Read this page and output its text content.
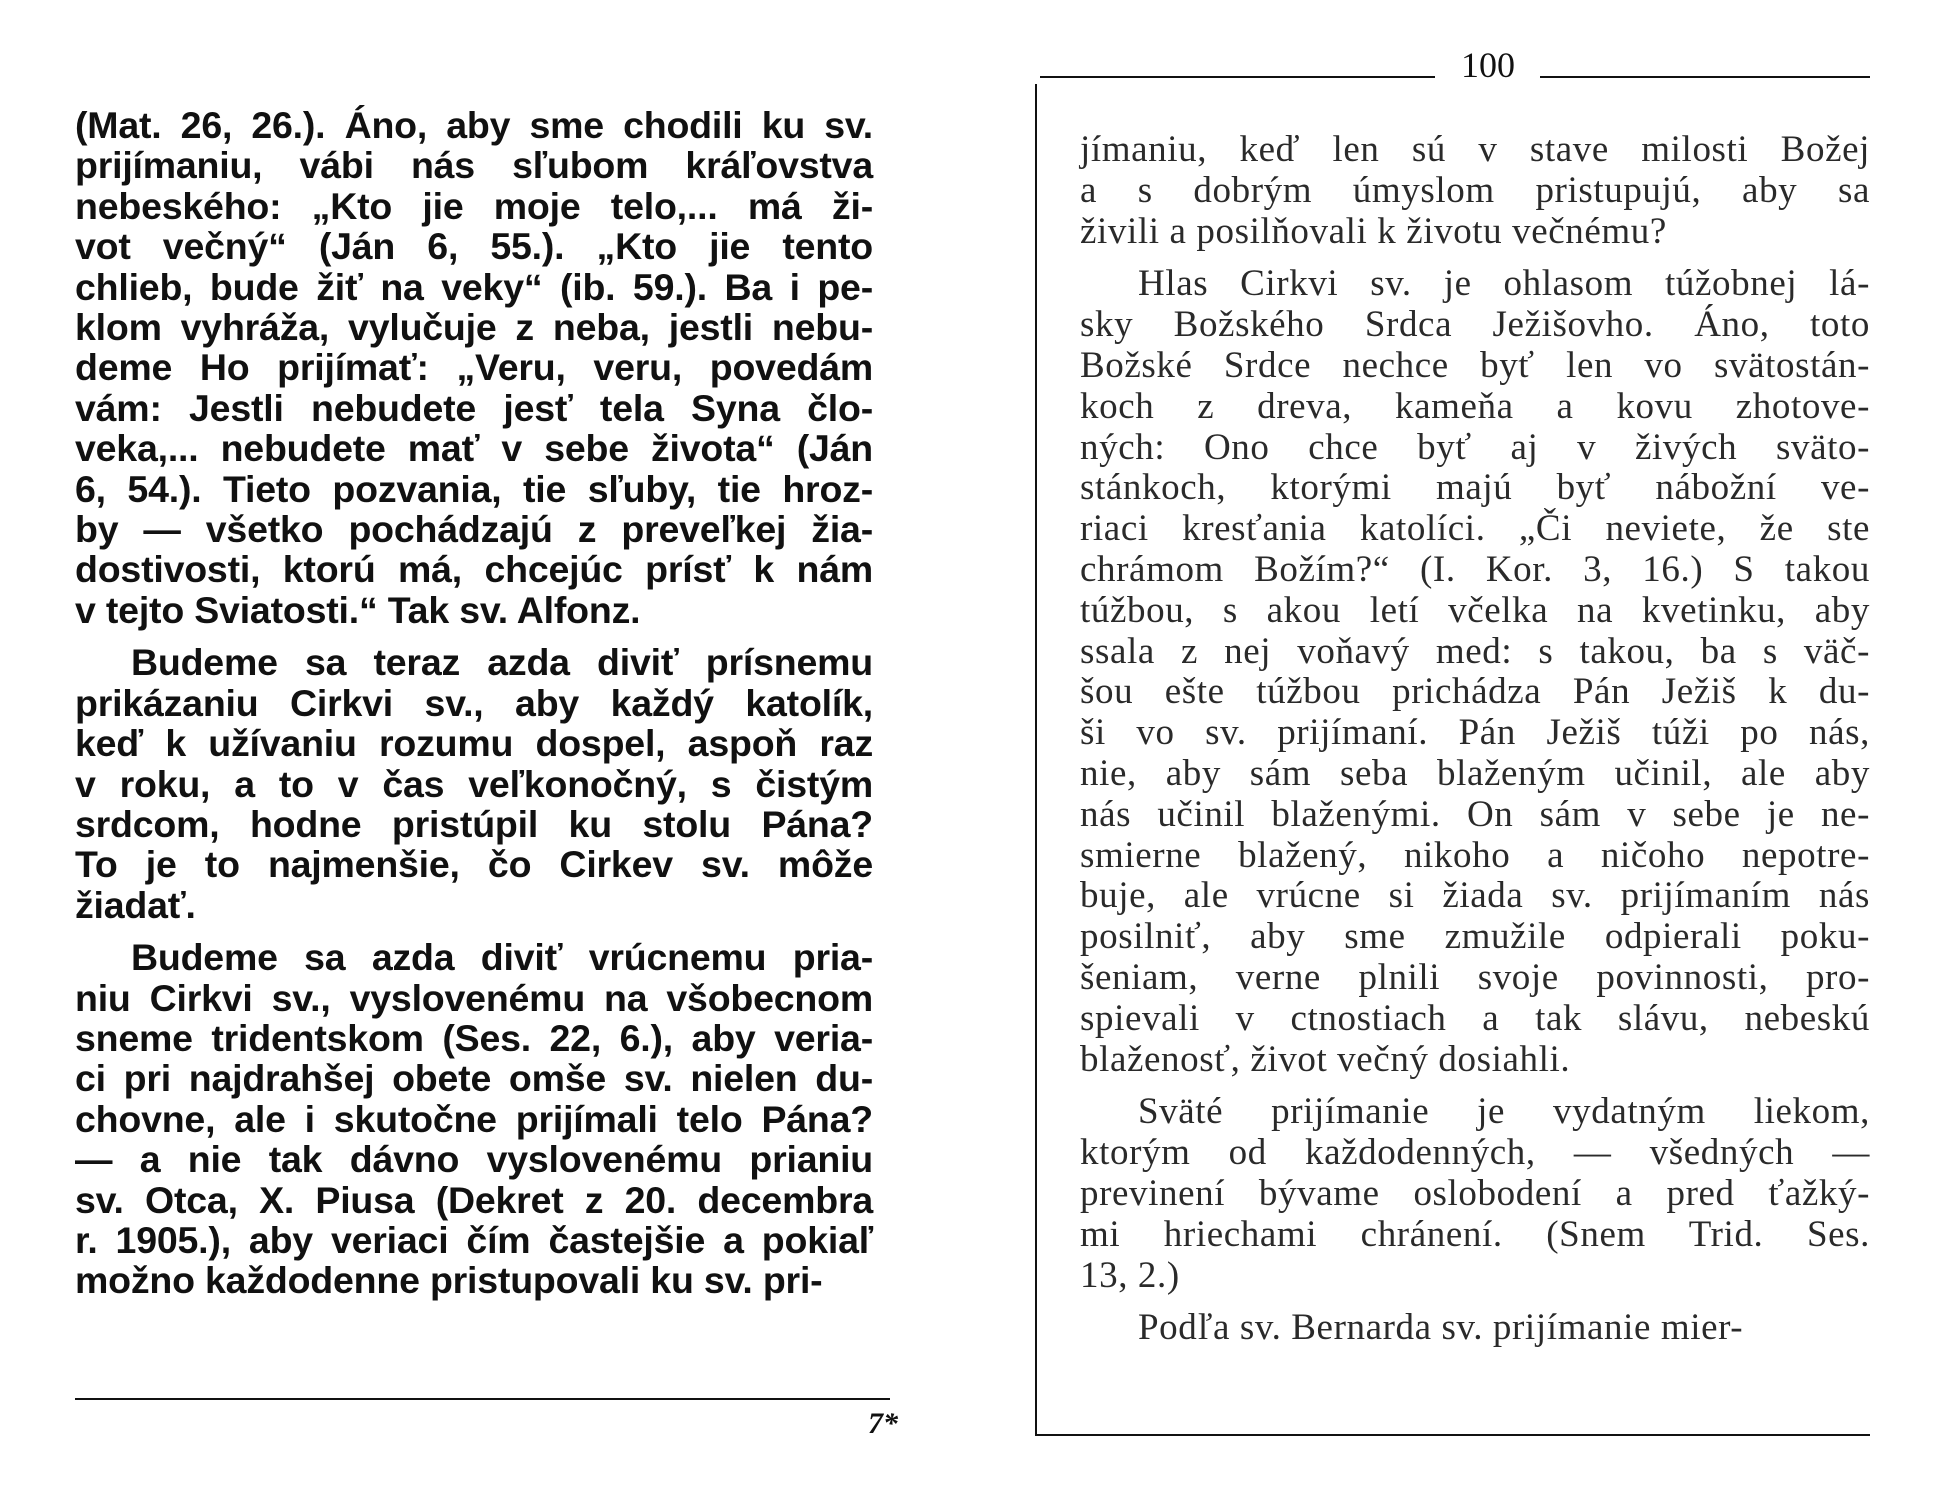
(Mat. 26, 26.). Áno, aby sme chodili ku sv.
prijímaniu, vábi nás sľubom kráľovstva
nebeského: „Kto jie moje telo,... má ži-
vot večný“ (Ján 6, 55.). „Kto jie tento
chlieb, bude žiť na veky“ (ib. 59.). Ba i pe-
klom vyhráža, vylučuje z neba, jestli nebu-
deme Ho prijímať: „Veru, veru, povedám
vám: Jestli nebudete jesť tela Syna člo-
veka,... nebudete mať v sebe života“ (Ján
6, 54.). Tieto pozvania, tie sľuby, tie hroz-
by — všetko pochádzajú z preveľkej žia-
dostivosti, ktorú má, chcejúc prísť k nám
v tejto Sviatosti.“ Tak sv. Alfonz.

Budeme sa teraz azda diviť prísnemu
prikázaniu Cirkvi sv., aby každý katolík,
keď k užívaniu rozumu dospel, aspoň raz
v roku, a to v čas veľkonočný, s čistým
srdcom, hodne pristúpil ku stolu Pána?
To je to najmenšie, čo Cirkev sv. môže
žiadať.

Budeme sa azda diviť vrúcnemu pria-
niu Cirkvi sv., vyslovenému na všobecnom
sneme tridentskom (Ses. 22, 6.), aby veria-
ci pri najdrahšej obete omše sv. nielen du-
chovne, ale i skutočne prijímali telo Pána?
— a nie tak dávno vyslovenému prianiu
sv. Otca, X. Piusa (Dekret z 20. decembra
r. 1905.), aby veriaci čím častejšie a pokiaľ
možno každodenne pristupovali ku sv. pri-

7*
100

jímaniu, keď len sú v stave milosti Božej
a s dobrým úmyslom pristupujú, aby sa
živili a posilňovali k životu večnému?

Hlas Cirkvi sv. je ohlasom túžobnej lá-
sky Božského Srdca Ježišovho. Áno, toto
Božské Srdce nechce byť len vo svätostán-
koch z dreva, kameňa a kovu zhotove-
ných: Ono chce byť aj v živých sväto-
stánkoch, ktorými majú byť nábožní ve-
riaci kresťania katolíci. „Či neviete, že ste
chrámom Božím?“ (I. Kor. 3, 16.) S takou
túžbou, s akou letí včelka na kvetinku, aby
ssala z nej voňavý med: s takou, ba s väč-
šou ešte túžbou prichádza Pán Ježiš k du-
ši vo sv. prijímaní. Pán Ježiš túži po nás,
nie, aby sám seba blaženým učinil, ale aby
nás učinil blaženými. On sám v sebe je ne-
smierne blažený, nikoho a ničoho nepotre-
buje, ale vrúcne si žiada sv. prijímaním nás
posilniť, aby sme zmužile odpierali poku-
šeniam, verne plnili svoje povinnosti, pro-
spievali v ctnostiach a tak slávu, nebeskú
blaženosť, život večný dosiahli.

Sväté prijímanie je vydatným liekom,
ktorým od každodenných, — všedných —
previnení bývame oslobodení a pred ťažký-
mi hriechami chránení. (Snem Trid. Ses.
13, 2.)

Podľa sv. Bernarda sv. prijímanie mier-
